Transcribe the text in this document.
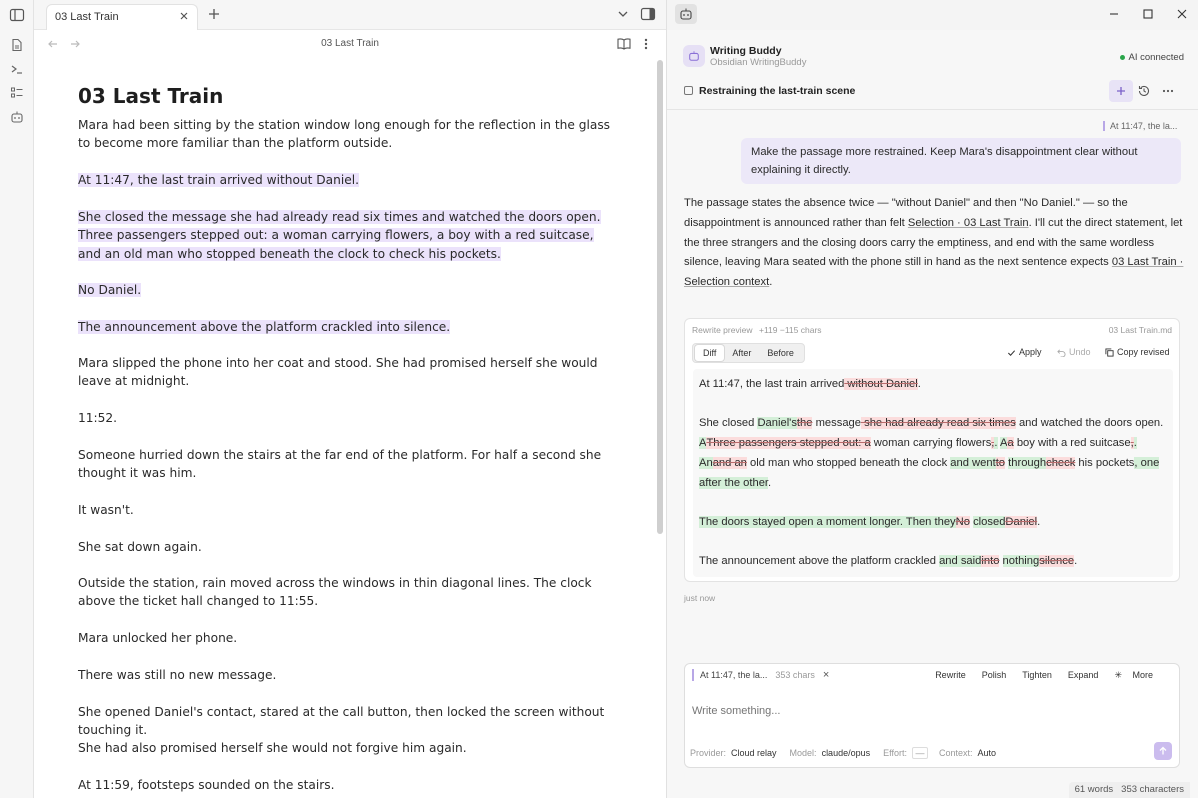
03 Last Train
03 Last Train
03 Last Train
Mara had been sitting by the station window long enough for the reflection in the glass to become more familiar than the platform outside.
At 11:47, the last train arrived without Daniel.
She closed the message she had already read six times and watched the doors open. Three passengers stepped out: a woman carrying flowers, a boy with a red suitcase, and an old man who stopped beneath the clock to check his pockets.
No Daniel.
The announcement above the platform crackled into silence.
Mara slipped the phone into her coat and stood. She had promised herself she would leave at midnight.
11:52.
Someone hurried down the stairs at the far end of the platform. For half a second she thought it was him.
It wasn't.
She sat down again.
Outside the station, rain moved across the windows in thin diagonal lines. The clock above the ticket hall changed to 11:55.
Mara unlocked her phone.
There was still no new message.
She opened Daniel's contact, stared at the call button, then locked the screen without touching it.
She had also promised herself she would not forgive him again.
At 11:59, footsteps sounded on the stairs.
Writing Buddy
Obsidian WritingBuddy	AI connected
Restraining the last-train scene
At 11:47, the la...
Make the passage more restrained. Keep Mara's disappointment clear without explaining it directly.
The passage states the absence twice — "without Daniel" and then "No Daniel." — so the disappointment is announced rather than felt Selection · 03 Last Train. I'll cut the direct statement, let the three strangers and the closing doors carry the emptiness, and end with the same wordless silence, leaving Mara seated with the phone still in hand as the next sentence expects 03 Last Train · Selection context.
Rewrite preview +119 −115 chars	03 Last Train.md
Diff	After	Before	Apply	Undo	Copy revised

At 11:47, the last train arrived without Daniel.

She closed Daniel'sthe message she had already read six times and watched the doors open. AThree passengers stepped out: a woman carrying flowers,. Aa boy with a red suitcase,. Anand an old man who stopped beneath the clock and wentto throughcheck his pockets, one after the other.

The doors stayed open a moment longer. Then theyNo closedDaniel.

The announcement above the platform crackled and saidinto nothingsilence.

just now
At 11:47, the la... 353 chars ×	Rewrite	Polish	Tighten	Expand	✳ More
Write something...
Provider: Cloud relay Model: claude/opus Effort: —	Context: Auto
61 words 353 characters
